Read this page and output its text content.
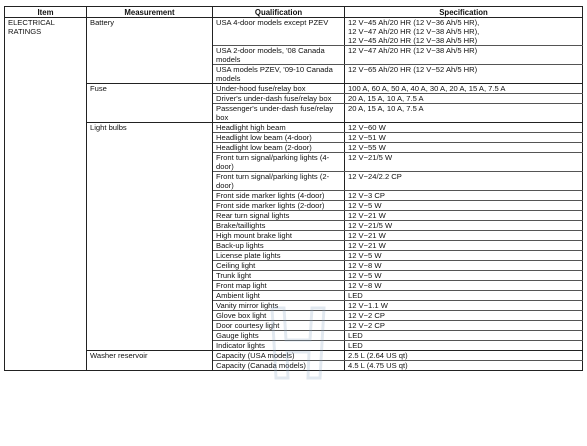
Item	Measurement	Qualification	Specification
ELECTRICAL
RATINGS	Battery	USA 4-door models except PZEV	12 V−45 Ah/20 HR (12 V−36 Ah/5 HR),
12 V−47 Ah/20 HR (12 V−38 Ah/5 HR),
12 V−45 Ah/20 HR (12 V−38 Ah/5 HR)
		USA 2-door models, '08 Canada models	12 V−47 Ah/20 HR (12 V−38 Ah/5 HR)
		USA models PZEV, '09-10 Canada models	12 V−65 Ah/20 HR (12 V−52 Ah/5 HR)
	Fuse	Under-hood fuse/relay box	100 A, 60 A, 50 A, 40 A, 30 A, 20 A, 15 A, 7.5 A
		Driver's under-dash fuse/relay box	20 A, 15 A, 10 A, 7.5 A
		Passenger's under-dash fuse/relay box	20 A, 15 A, 10 A, 7.5 A
	Light bulbs	Headlight high beam	12 V−60 W
		Headlight low beam (4-door)	12 V−51 W
		Headlight low beam (2-door)	12 V−55 W
		Front turn signal/parking lights (4-door)	12 V−21/5 W
		Front turn signal/parking lights (2-door)	12 V−24/2.2 CP
		Front side marker lights (4-door)	12 V−3 CP
		Front side marker lights (2-door)	12 V−5 W
		Rear turn signal lights	12 V−21 W
		Brake/taillights	12 V−21/5 W
		High mount brake light	12 V−21 W
		Back-up lights	12 V−21 W
		License plate lights	12 V−5 W
		Ceiling light	12 V−8 W
		Trunk light	12 V−5 W
		Front map light	12 V−8 W
		Ambient light	LED
		Vanity mirror lights	12 V−1.1 W
		Glove box light	12 V−2 CP
		Door courtesy light	12 V−2 CP
		Gauge lights	LED
		Indicator lights	LED
	Washer reservoir	Capacity (USA models)	2.5 L (2.64 US qt)
		Capacity (Canada models)	4.5 L (4.75 US qt)
